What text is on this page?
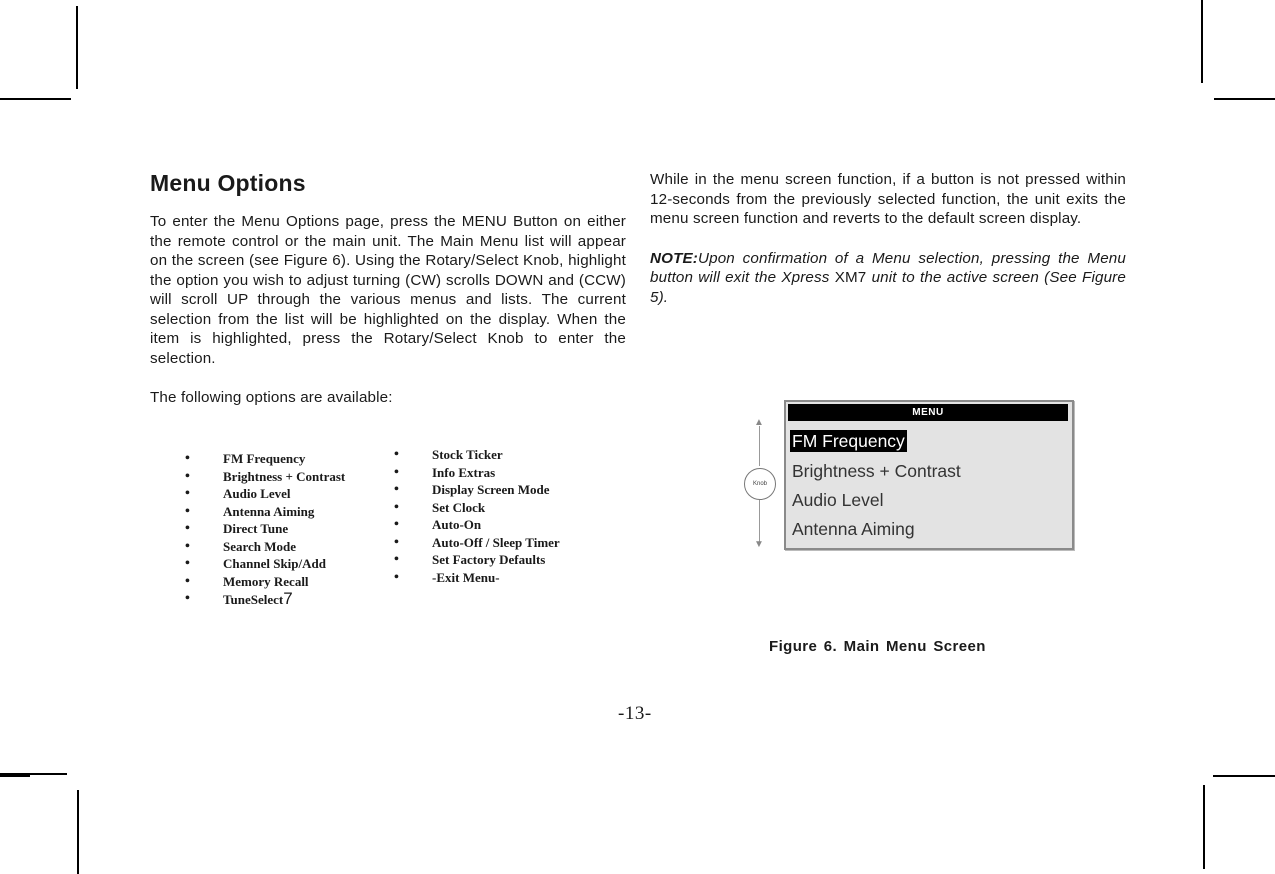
Menu Options

To enter the Menu Options page, press the MENU Button on either the remote control or the main unit. The Main Menu list will appear on the screen (see Figure 6). Using the Rotary/Select Knob, highlight the option you wish to adjust turning (CW) scrolls DOWN and (CCW) will scroll UP through the various menus and lists. The current selection from the list will be highlighted on the display. When the item is highlighted, press the Rotary/Select Knob to enter the selection.

The following options are available:

•	FM Frequency
•	Brightness + Contrast
•	Audio Level
•	Antenna Aiming
•	Direct Tune
•	Search Mode
•	Channel Skip/Add
•	Memory Recall
•	TuneSelect7
•	Stock Ticker
•	Info Extras
•	Display Screen Mode
•	Set Clock
•	Auto-On
•	Auto-Off / Sleep Timer
•	Set Factory Defaults
•	-Exit Menu-

While in the menu screen function, if a button is not pressed within 12-seconds from the previously selected function, the unit exits the menu screen function and reverts to the default screen display.

NOTE:Upon confirmation of a Menu selection, pressing the Menu button will exit the Xpress XM7 unit to the active screen (See Figure 5).

▲
Knob
▼
MENU
FM Frequency
Brightness + Contrast
Audio Level
Antenna Aiming
Figure 6. Main Menu Screen
-13-
